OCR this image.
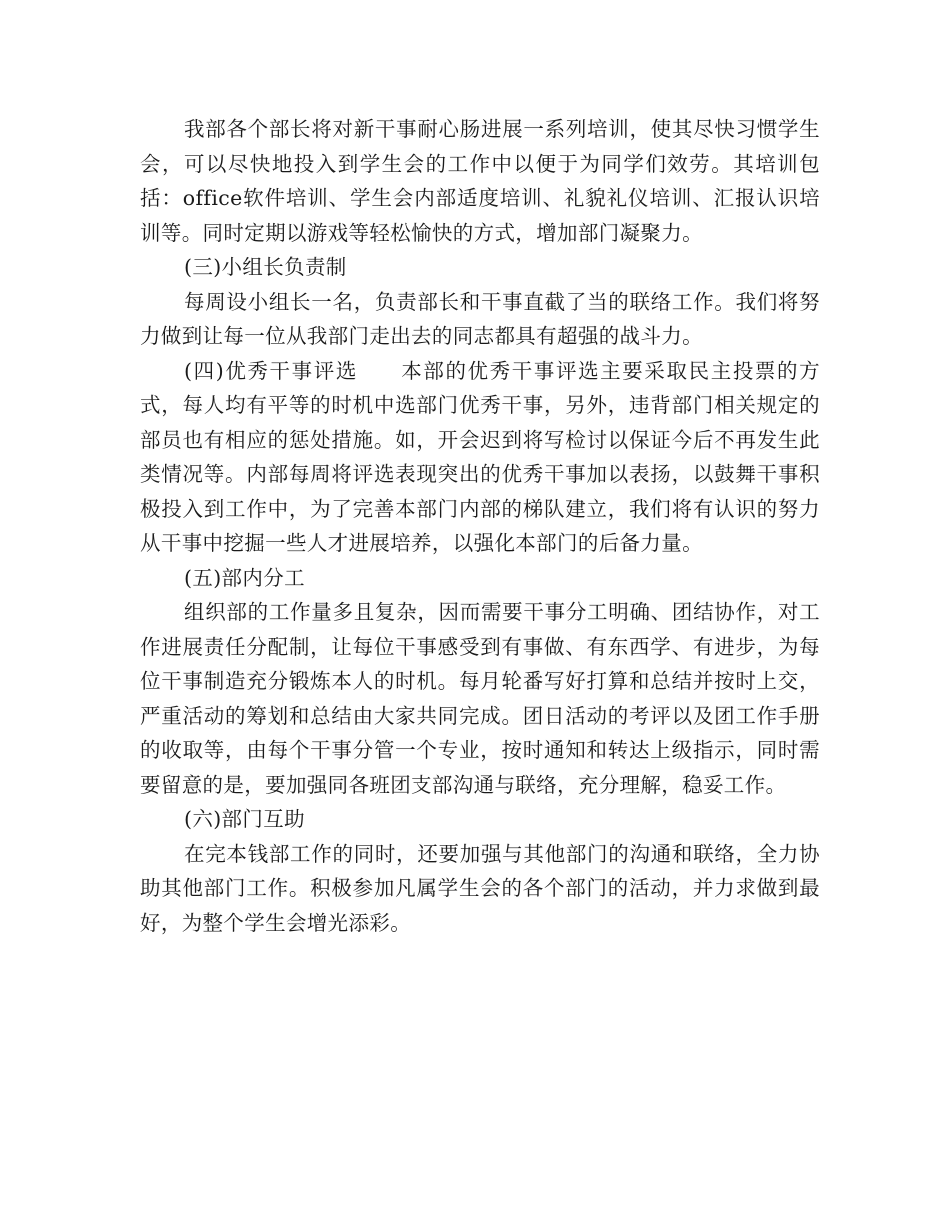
我部各个部长将对新干事耐心肠进展一系列培训，使其尽快习惯学生会，可以尽快地投入到学生会的工作中以便于为同学们效劳。其培训包括：office软件培训、学生会内部适度培训、礼貌礼仪培训、汇报认识培训等。同时定期以游戏等轻松愉快的方式，增加部门凝聚力。

(三)小组长负责制

每周设小组长一名，负责部长和干事直截了当的联络工作。我们将努力做到让每一位从我部门走出去的同志都具有超强的战斗力。

(四)优秀干事评选 本部的优秀干事评选主要采取民主投票的方式，每人均有平等的时机中选部门优秀干事，另外，违背部门相关规定的部员也有相应的惩处措施。如，开会迟到将写检讨以保证今后不再发生此类情况等。内部每周将评选表现突出的优秀干事加以表扬，以鼓舞干事积极投入到工作中，为了完善本部门内部的梯队建立，我们将有认识的努力从干事中挖掘一些人才进展培养，以强化本部门的后备力量。

(五)部内分工

组织部的工作量多且复杂，因而需要干事分工明确、团结协作，对工作进展责任分配制，让每位干事感受到有事做、有东西学、有进步，为每位干事制造充分锻炼本人的时机。每月轮番写好打算和总结并按时上交，严重活动的筹划和总结由大家共同完成。团日活动的考评以及团工作手册的收取等，由每个干事分管一个专业，按时通知和转达上级指示，同时需要留意的是，要加强同各班团支部沟通与联络，充分理解，稳妥工作。

(六)部门互助

在完本钱部工作的同时，还要加强与其他部门的沟通和联络，全力协助其他部门工作。积极参加凡属学生会的各个部门的活动，并力求做到最好，为整个学生会增光添彩。
